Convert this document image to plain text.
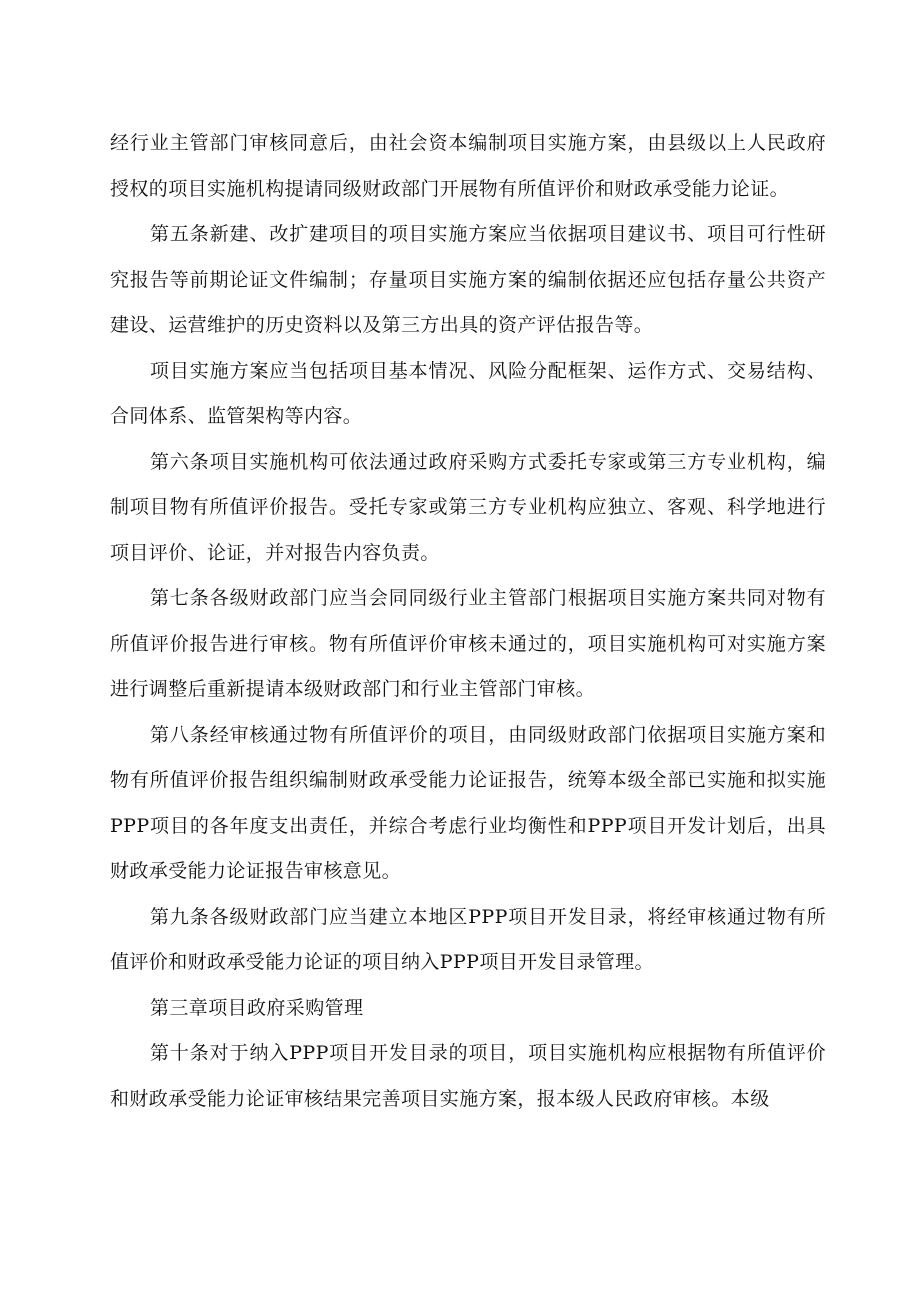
经行业主管部门审核同意后，由社会资本编制项目实施方案，由县级以上人民政府授权的项目实施机构提请同级财政部门开展物有所值评价和财政承受能力论证。

第五条新建、改扩建项目的项目实施方案应当依据项目建议书、项目可行性研究报告等前期论证文件编制；存量项目实施方案的编制依据还应包括存量公共资产建设、运营维护的历史资料以及第三方出具的资产评估报告等。

项目实施方案应当包括项目基本情况、风险分配框架、运作方式、交易结构、合同体系、监管架构等内容。

第六条项目实施机构可依法通过政府采购方式委托专家或第三方专业机构，编制项目物有所值评价报告。受托专家或第三方专业机构应独立、客观、科学地进行项目评价、论证，并对报告内容负责。

第七条各级财政部门应当会同同级行业主管部门根据项目实施方案共同对物有所值评价报告进行审核。物有所值评价审核未通过的，项目实施机构可对实施方案进行调整后重新提请本级财政部门和行业主管部门审核。

第八条经审核通过物有所值评价的项目，由同级财政部门依据项目实施方案和物有所值评价报告组织编制财政承受能力论证报告，统筹本级全部已实施和拟实施PPP项目的各年度支出责任，并综合考虑行业均衡性和PPP项目开发计划后，出具财政承受能力论证报告审核意见。

第九条各级财政部门应当建立本地区PPP项目开发目录，将经审核通过物有所值评价和财政承受能力论证的项目纳入PPP项目开发目录管理。

第三章项目政府采购管理

第十条对于纳入PPP项目开发目录的项目，项目实施机构应根据物有所值评价和财政承受能力论证审核结果完善项目实施方案，报本级人民政府审核。本级
